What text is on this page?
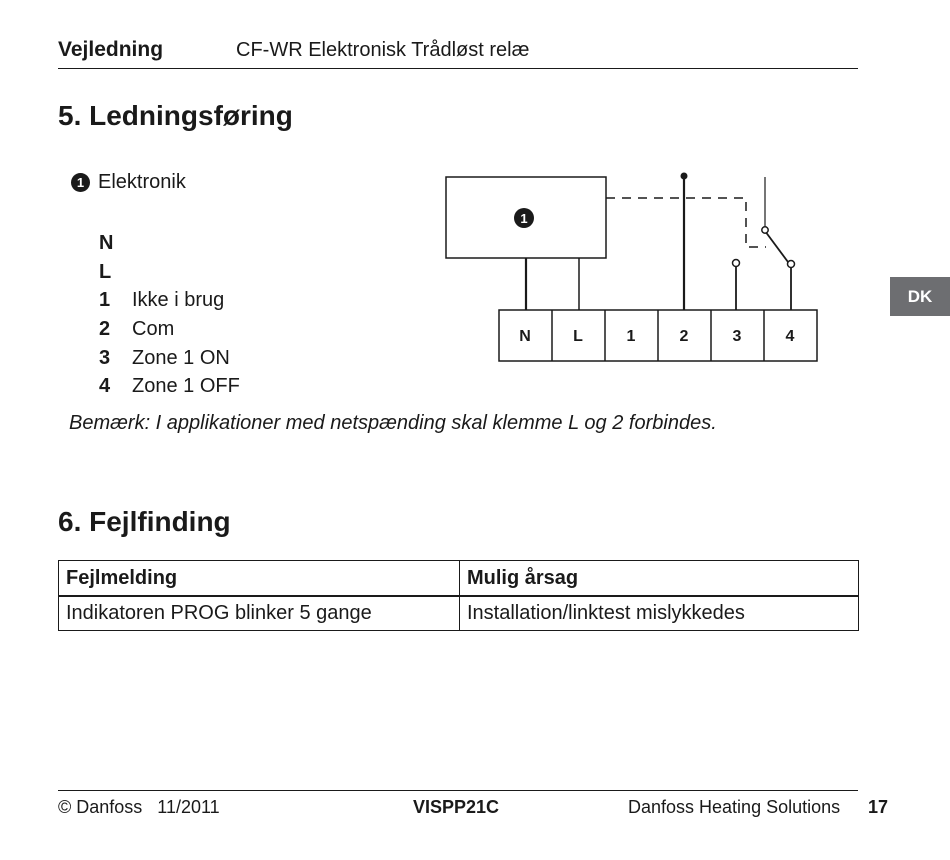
Vejledning	CF-WR Elektronisk Trådløst relæ
5. Ledningsføring
1 Elektronik
N
L
1	Ikke i brug
2	Com
3	Zone 1 ON
4	Zone 1 OFF
1
N	L	1	2	3	4
Bemærk: I applikationer med netspænding skal klemme L og 2 forbindes.
DK
6. Fejlfinding
Fejlmelding	Mulig årsag
Indikatoren PROG blinker 5 gange	Installation/linktest mislykkedes
© Danfoss   11/2011	VISPP21C	Danfoss Heating Solutions 17
